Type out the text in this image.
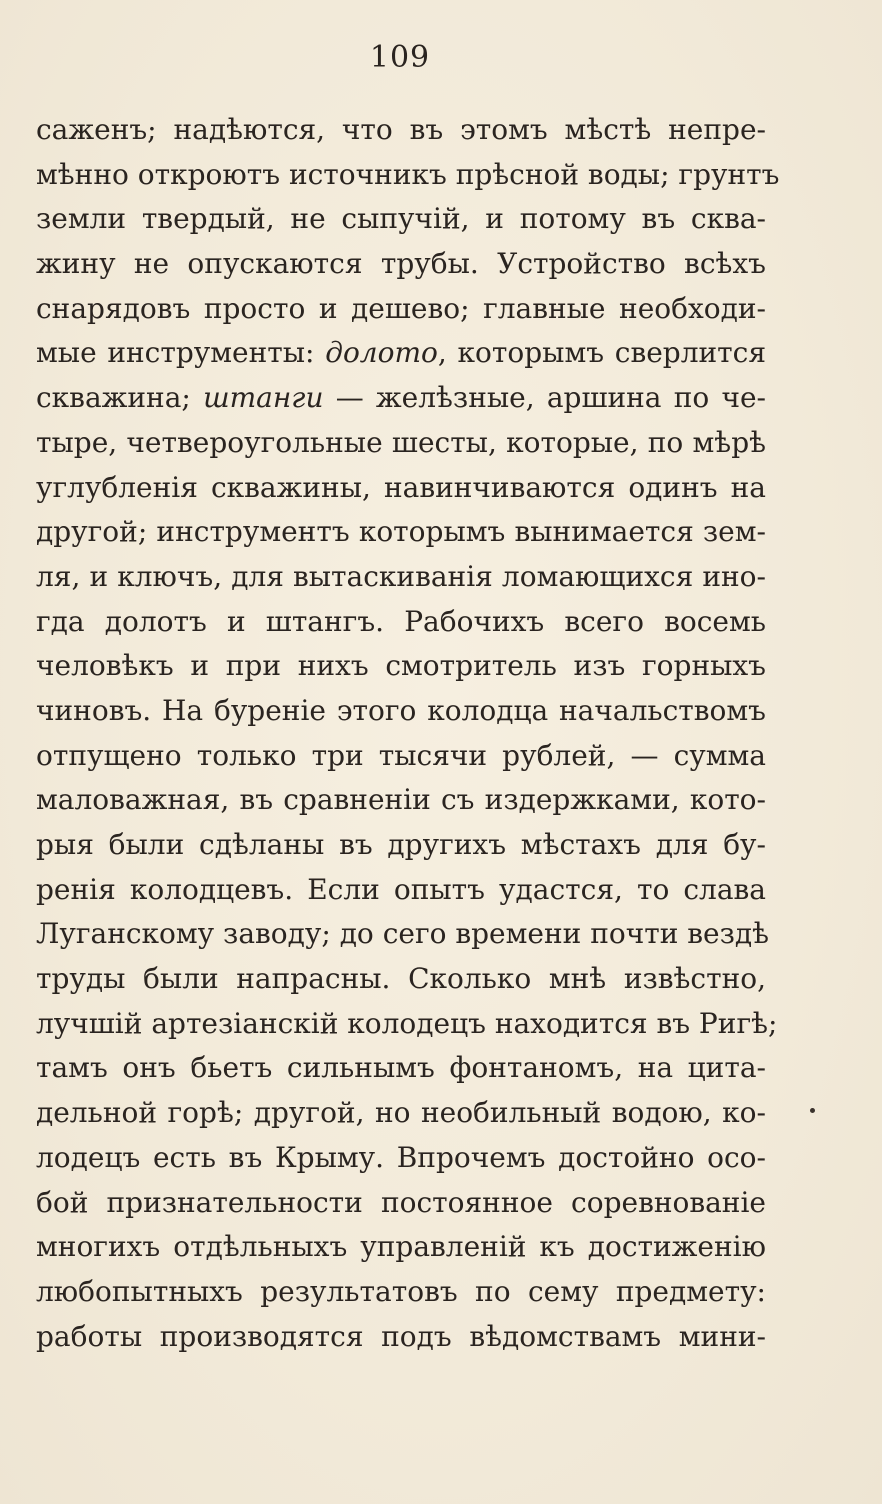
109
саженъ; надѣются, что въ этомъ мѣстѣ непре-
мѣнно откроютъ источникъ прѣсной воды; грунтъ
земли твердый, не сыпучій, и потому въ сква-
жину не опускаются трубы. Устройство всѣхъ
снарядовъ просто и дешево; главные необходи-
мые инструменты: долото, которымъ сверлится
скважина; штанги — желѣзные, аршина по че-
тыре, четвероугольные шесты, которые, по мѣрѣ
углубленія скважины, навинчиваются одинъ на
другой; инструментъ которымъ вынимается зем-
ля, и ключъ, для вытаскиванія ломающихся ино-
гда долотъ и штангъ. Рабочихъ всего восемь
человѣкъ и при нихъ смотритель изъ горныхъ
чиновъ. На буреніе этого колодца начальствомъ
отпущено только три тысячи рублей, — сумма
маловажная, въ сравненіи съ издержками, кото-
рыя были сдѣланы въ другихъ мѣстахъ для бу-
ренія колодцевъ. Если опытъ удастся, то слава
Луганскому заводу; до сего времени почти вездѣ
труды были напрасны. Сколько мнѣ извѣстно,
лучшій артезіанскій колодецъ находится въ Ригѣ;
тамъ онъ бьетъ сильнымъ фонтаномъ, на цита-
дельной горѣ; другой, но необильный водою, ко-
лодецъ есть въ Крыму. Впрочемъ достойно осо-
бой признательности постоянное соревнованіе
многихъ отдѣльныхъ управленій къ достиженію
любопытныхъ результатовъ по сему предмету:
работы производятся подъ вѣдомствамъ мини-
